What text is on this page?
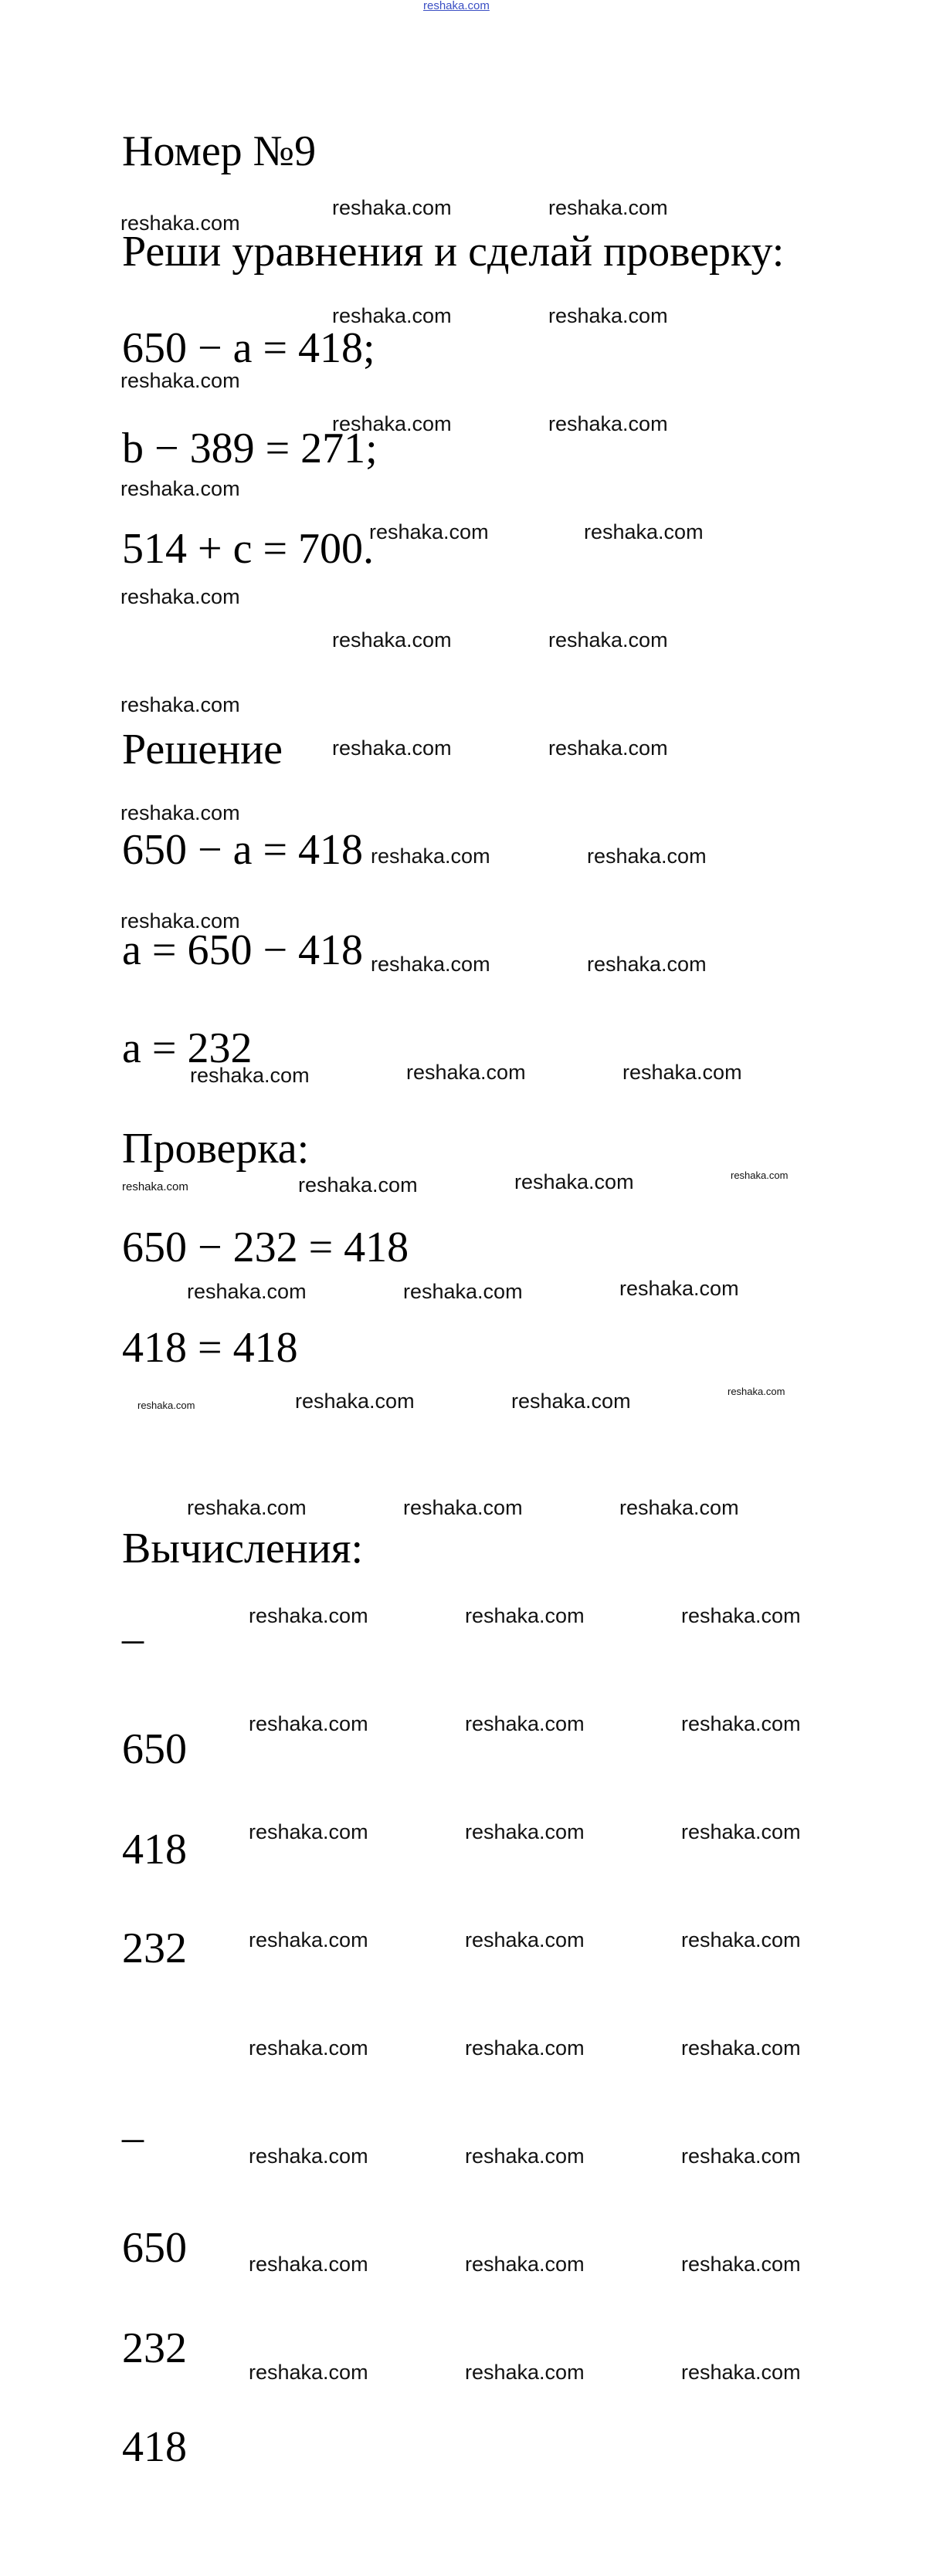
reshaka.com

Номер №9

Реши уравнения и сделай проверку:

650 − a = 418;

b − 389 = 271;

514 + c = 700.

Решение

650 − a = 418

a = 650 − 418

a = 232

Проверка:

650 − 232 = 418

418 = 418

Вычисления:

_

650

418

232

_

650

232

418

reshaka.com
reshaka.com	reshaka.com
reshaka.com	reshaka.com
reshaka.com
reshaka.com	reshaka.com
reshaka.com
reshaka.com	reshaka.com
reshaka.com
reshaka.com	reshaka.com
reshaka.com
reshaka.com	reshaka.com
reshaka.com
reshaka.com	reshaka.com
reshaka.com
reshaka.com	reshaka.com
reshaka.com	reshaka.com	reshaka.com
reshaka.com	reshaka.com	reshaka.com	reshaka.com
reshaka.com	reshaka.com	reshaka.com
reshaka.com	reshaka.com	reshaka.com	reshaka.com
reshaka.com	reshaka.com	reshaka.com
reshaka.com	reshaka.com	reshaka.com
reshaka.com	reshaka.com	reshaka.com
reshaka.com	reshaka.com	reshaka.com
reshaka.com	reshaka.com	reshaka.com
reshaka.com	reshaka.com	reshaka.com
reshaka.com	reshaka.com	reshaka.com
reshaka.com	reshaka.com	reshaka.com
reshaka.com	reshaka.com	reshaka.com
